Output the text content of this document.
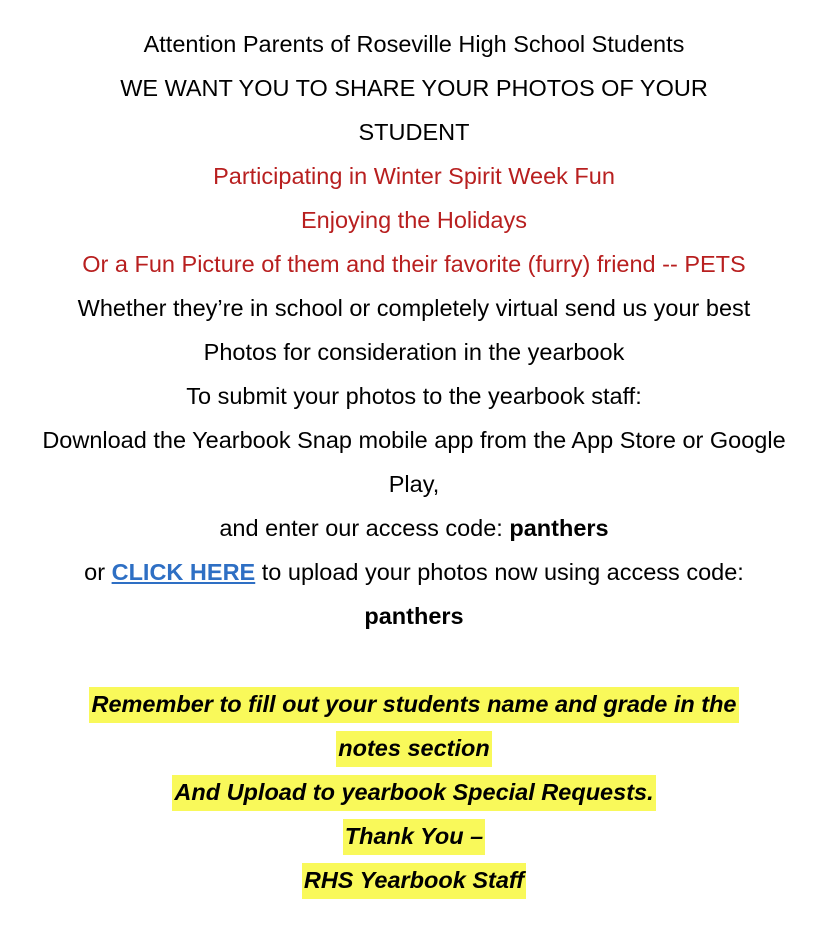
Attention Parents of Roseville High School Students
WE WANT YOU TO SHARE YOUR PHOTOS OF YOUR
STUDENT
Participating in Winter Spirit Week Fun
Enjoying the Holidays
Or a Fun Picture of them and their favorite (furry) friend -- PETS
Whether they’re in school or completely virtual send us your best
Photos for consideration in the yearbook
To submit your photos to the yearbook staff:
Download the Yearbook Snap mobile app from the App Store or Google
Play,
and enter our access code: panthers
or CLICK HERE to upload your photos now using access code:
panthers
Remember to fill out your students name and grade in the
notes section
And Upload to yearbook Special Requests.
Thank You –
RHS Yearbook Staff
